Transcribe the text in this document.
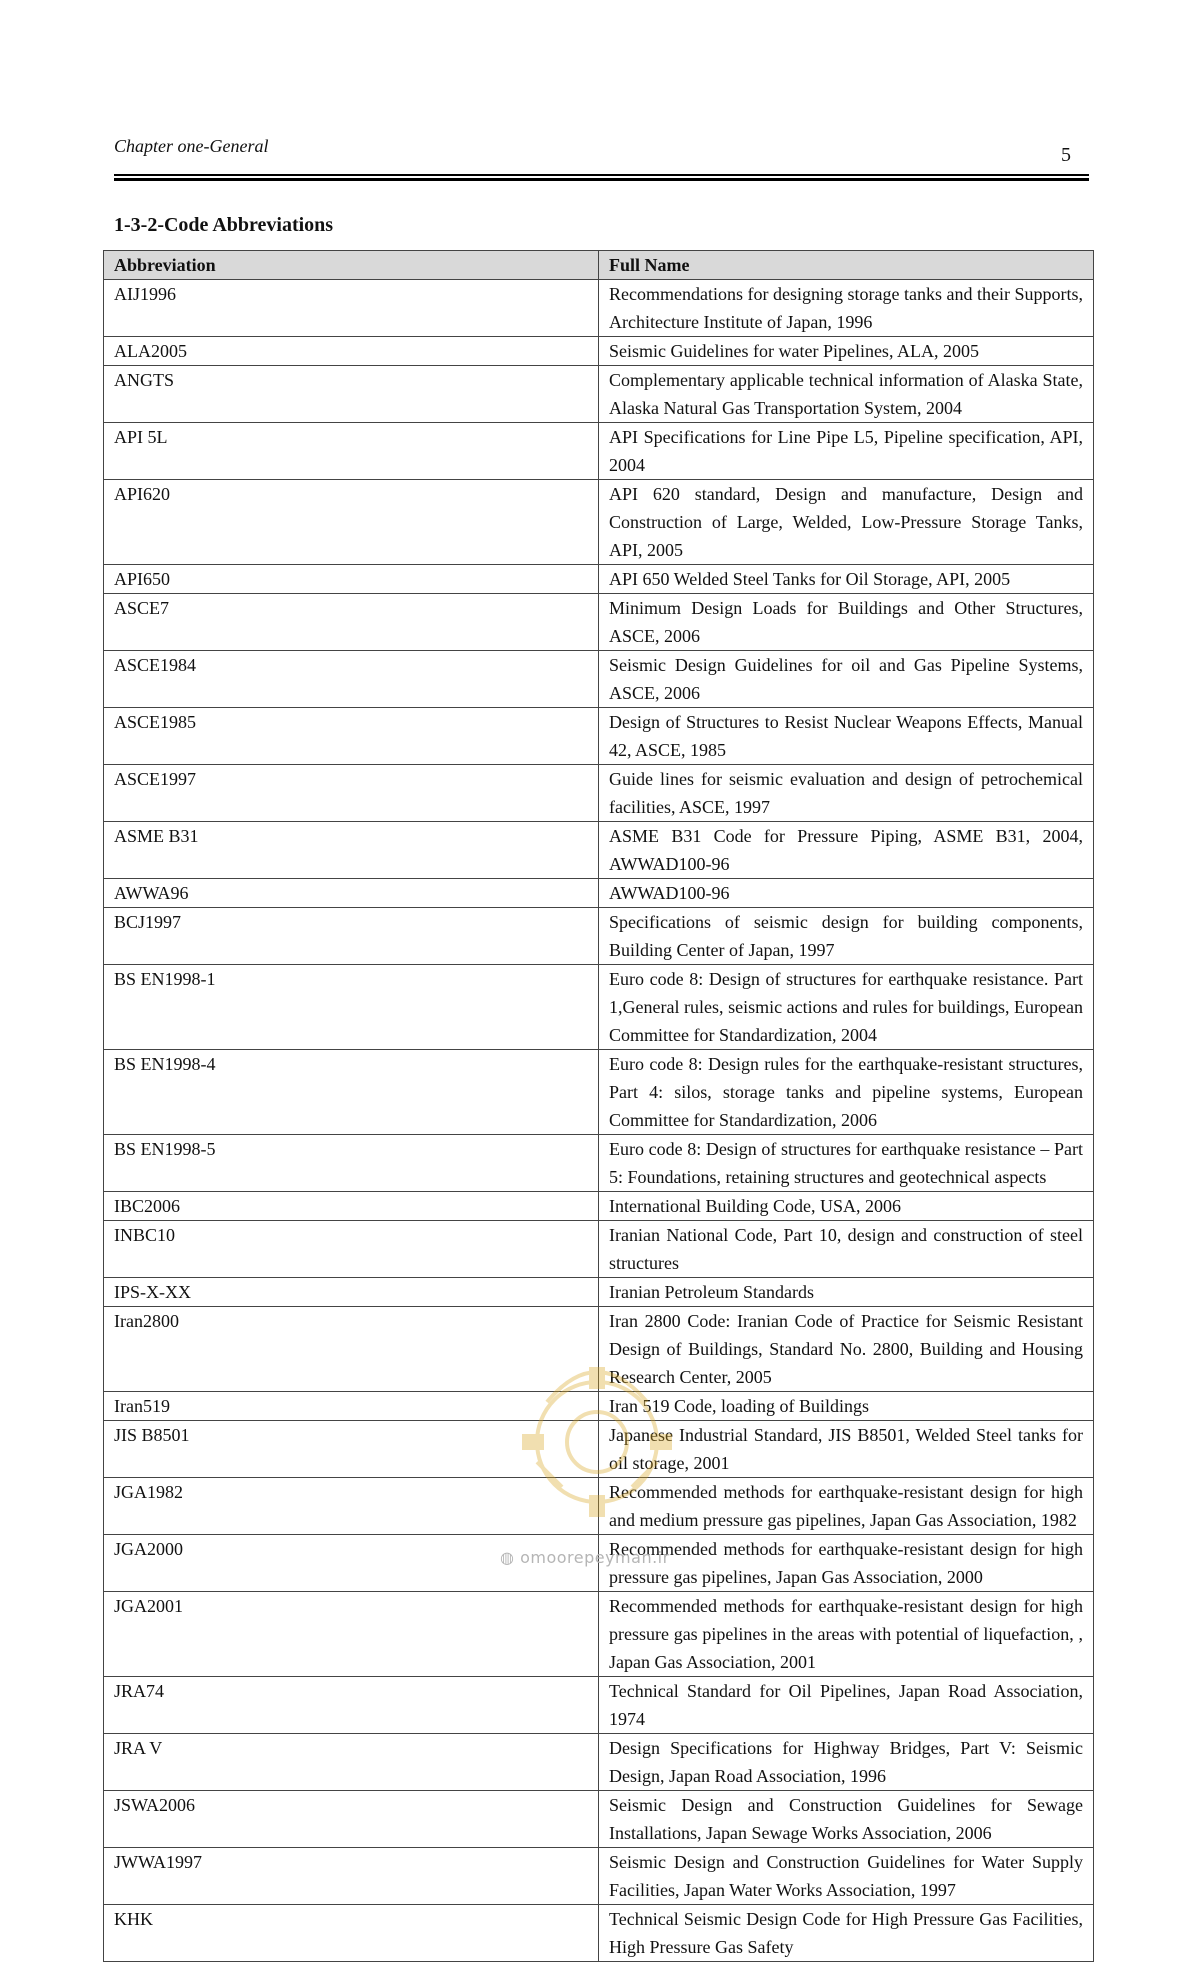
Chapter one-General	5
1-3-2-Code Abbreviations
Abbreviation	Full Name
AIJ1996	Recommendations for designing storage tanks and their Supports, Architecture Institute of Japan, 1996
ALA2005	Seismic Guidelines for water Pipelines, ALA, 2005
ANGTS	Complementary applicable technical information of Alaska State, Alaska Natural Gas Transportation System, 2004
API 5L	API Specifications for Line Pipe L5, Pipeline specification, API, 2004
API620	API 620 standard, Design and manufacture, Design and Construction of Large, Welded, Low-Pressure Storage Tanks, API, 2005
API650	API 650 Welded Steel Tanks for Oil Storage, API, 2005
ASCE7	Minimum Design Loads for Buildings and Other Structures, ASCE, 2006
ASCE1984	Seismic Design Guidelines for oil and Gas Pipeline Systems, ASCE, 2006
ASCE1985	Design of Structures to Resist Nuclear Weapons Effects, Manual 42, ASCE, 1985
ASCE1997	Guide lines for seismic evaluation and design of petrochemical facilities, ASCE, 1997
ASME B31	ASME B31 Code for Pressure Piping, ASME B31, 2004, AWWAD100-96
AWWA96	AWWAD100-96
BCJ1997	Specifications of seismic design for building components, Building Center of Japan, 1997
BS EN1998-1	Euro code 8: Design of structures for earthquake resistance. Part 1,General rules, seismic actions and rules for buildings, European Committee for Standardization, 2004
BS EN1998-4	Euro code 8: Design rules for the earthquake-resistant structures, Part 4: silos, storage tanks and pipeline systems, European Committee for Standardization, 2006
BS EN1998-5	Euro code 8: Design of structures for earthquake resistance – Part 5: Foundations, retaining structures and geotechnical aspects
IBC2006	International Building Code, USA, 2006
INBC10	Iranian National Code, Part 10, design and construction of steel structures
IPS-X-XX	Iranian Petroleum Standards
Iran2800	Iran 2800 Code: Iranian Code of Practice for Seismic Resistant Design of Buildings, Standard No. 2800, Building and Housing Research Center, 2005
Iran519	Iran 519 Code, loading of Buildings
JIS B8501	Japanese Industrial Standard, JIS B8501, Welded Steel tanks for oil storage, 2001
JGA1982	Recommended methods for earthquake-resistant design for high and medium pressure gas pipelines, Japan Gas Association, 1982
JGA2000	Recommended methods for earthquake-resistant design for high pressure gas pipelines, Japan Gas Association, 2000
JGA2001	Recommended methods for earthquake-resistant design for high pressure gas pipelines in the areas with potential of liquefaction, , Japan Gas Association, 2001
JRA74	Technical Standard for Oil Pipelines, Japan Road Association, 1974
JRA V	Design Specifications for Highway Bridges, Part V: Seismic Design, Japan Road Association, 1996
JSWA2006	Seismic Design and Construction Guidelines for Sewage Installations, Japan Sewage Works Association, 2006
JWWA1997	Seismic Design and Construction Guidelines for Water Supply Facilities, Japan Water Works Association, 1997
KHK	Technical Seismic Design Code for High Pressure Gas Facilities, High Pressure Gas Safety
◍ omoorepeyman.ir
